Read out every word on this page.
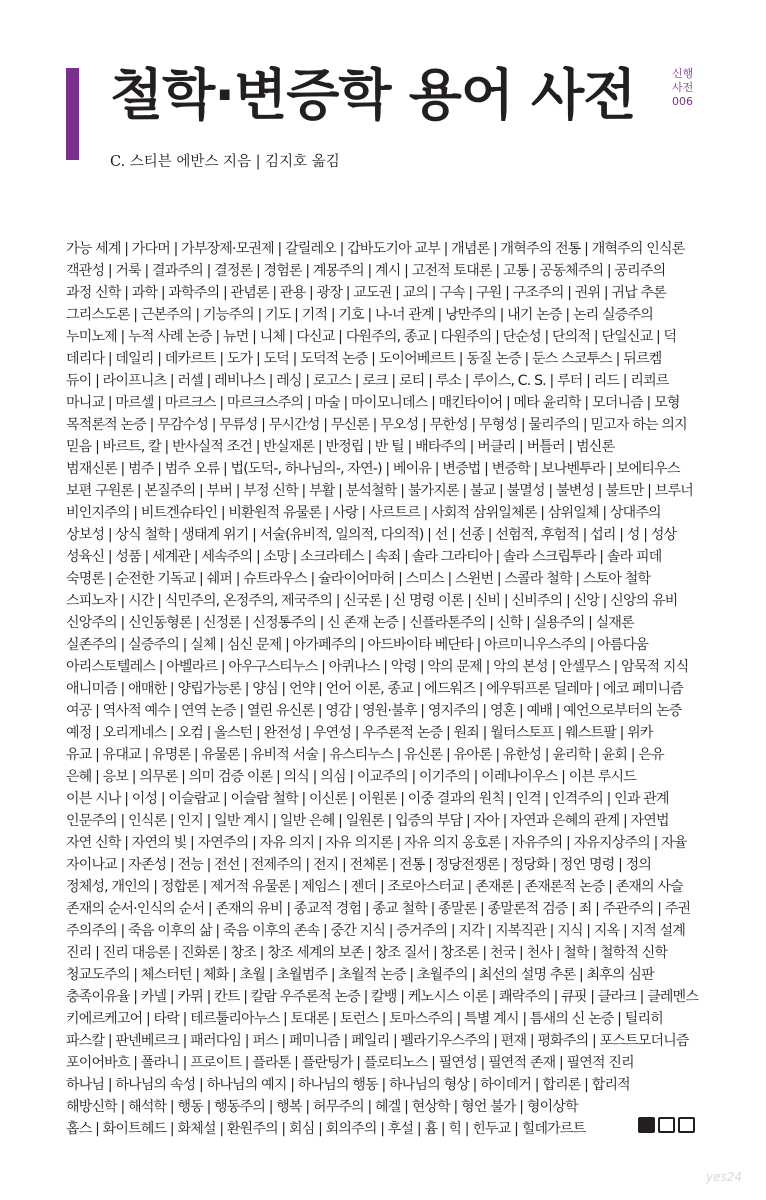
철학·변증학 용어 사전	신행
사전
006
C. 스티븐 에반스 지음 | 김지호 옮김
가능 세계 | 가다머 | 가부장제·모권제 | 갈릴레오 | 갑바도기아 교부 | 개념론 | 개혁주의 전통 | 개혁주의 인식론
객관성 | 거룩 | 결과주의 | 결정론 | 경험론 | 계몽주의 | 계시 | 고전적 토대론 | 고통 | 공동체주의 | 공리주의
과정 신학 | 과학 | 과학주의 | 관념론 | 관용 | 광장 | 교도권 | 교의 | 구속 | 구원 | 구조주의 | 권위 | 귀납 추론
그리스도론 | 근본주의 | 기능주의 | 기도 | 기적 | 기호 | 나-너 관계 | 낭만주의 | 내기 논증 | 논리 실증주의
누미노제 | 누적 사례 논증 | 뉴먼 | 니체 | 다신교 | 다원주의, 종교 | 다원주의 | 단순성 | 단의적 | 단일신교 | 덕
데리다 | 데일리 | 데카르트 | 도가 | 도덕 | 도덕적 논증 | 도이어베르트 | 동질 논증 | 둔스 스코투스 | 뒤르켐
듀이 | 라이프니츠 | 러셀 | 레비나스 | 레싱 | 로고스 | 로크 | 로티 | 루소 | 루이스, C. S. | 루터 | 리드 | 리쾨르
마니교 | 마르셀 | 마르크스 | 마르크스주의 | 마술 | 마이모니데스 | 매킨타이어 | 메타 윤리학 | 모더니즘 | 모형
목적론적 논증 | 무감수성 | 무류성 | 무시간성 | 무신론 | 무오성 | 무한성 | 무형성 | 물리주의 | 믿고자 하는 의지
믿음 | 바르트, 칼 | 반사실적 조건 | 반실재론 | 반정립 | 반 틸 | 배타주의 | 버클리 | 버틀러 | 범신론
범재신론 | 범주 | 범주 오류 | 법(도덕-, 하나님의-, 자연-) | 베이유 | 변증법 | 변증학 | 보나벤투라 | 보에티우스
보편 구원론 | 본질주의 | 부버 | 부정 신학 | 부활 | 분석철학 | 불가지론 | 불교 | 불멸성 | 불변성 | 불트만 | 브루너
비인지주의 | 비트겐슈타인 | 비환원적 유물론 | 사랑 | 사르트르 | 사회적 삼위일체론 | 삼위일체 | 상대주의
상보성 | 상식 철학 | 생태계 위기 | 서술(유비적, 일의적, 다의적) | 선 | 선종 | 선험적, 후험적 | 섭리 | 성 | 성상
성육신 | 성품 | 세계관 | 세속주의 | 소망 | 소크라테스 | 속죄 | 솔라 그라티아 | 솔라 스크립투라 | 솔라 피데
숙명론 | 순전한 기독교 | 쉐퍼 | 슈트라우스 | 슐라이어마허 | 스미스 | 스윈번 | 스콜라 철학 | 스토아 철학
스피노자 | 시간 | 식민주의, 온정주의, 제국주의 | 신국론 | 신 명령 이론 | 신비 | 신비주의 | 신앙 | 신앙의 유비
신앙주의 | 신인동형론 | 신정론 | 신정통주의 | 신 존재 논증 | 신플라톤주의 | 신학 | 실용주의 | 실재론
실존주의 | 실증주의 | 실체 | 심신 문제 | 아가페주의 | 아드바이타 베단타 | 아르미니우스주의 | 아름다움
아리스토텔레스 | 아벨라르 | 아우구스티누스 | 아퀴나스 | 악령 | 악의 문제 | 악의 본성 | 안셀무스 | 암묵적 지식
애니미즘 | 애매한 | 양립가능론 | 양심 | 언약 | 언어 이론, 종교 | 에드워즈 | 에우튀프론 딜레마 | 에코 페미니즘
여공 | 역사적 예수 | 연역 논증 | 열린 유신론 | 영감 | 영원·불후 | 영지주의 | 영혼 | 예배 | 예언으로부터의 논증
예정 | 오리게네스 | 오컴 | 올스턴 | 완전성 | 우연성 | 우주론적 논증 | 원죄 | 월터스토프 | 웨스트팔 | 위카
유교 | 유대교 | 유명론 | 유물론 | 유비적 서술 | 유스티누스 | 유신론 | 유아론 | 유한성 | 윤리학 | 윤회 | 은유
은혜 | 응보 | 의무론 | 의미 검증 이론 | 의식 | 의심 | 이교주의 | 이기주의 | 이레나이우스 | 이븐 루시드
이븐 시나 | 이성 | 이슬람교 | 이슬람 철학 | 이신론 | 이원론 | 이중 결과의 원칙 | 인격 | 인격주의 | 인과 관계
인문주의 | 인식론 | 인지 | 일반 계시 | 일반 은혜 | 일원론 | 입증의 부담 | 자아 | 자연과 은혜의 관계 | 자연법
자연 신학 | 자연의 빛 | 자연주의 | 자유 의지 | 자유 의지론 | 자유 의지 옹호론 | 자유주의 | 자유지상주의 | 자율
자이나교 | 자존성 | 전능 | 전선 | 전제주의 | 전지 | 전체론 | 전통 | 정당전쟁론 | 정당화 | 정언 명령 | 정의
정체성, 개인의 | 정합론 | 제거적 유물론 | 제임스 | 젠더 | 조로아스터교 | 존재론 | 존재론적 논증 | 존재의 사슬
존재의 순서·인식의 순서 | 존재의 유비 | 종교적 경험 | 종교 철학 | 종말론 | 종말론적 검증 | 죄 | 주관주의 | 주권
주의주의 | 죽음 이후의 삶 | 죽음 이후의 존속 | 중간 지식 | 증거주의 | 지각 | 지복직관 | 지식 | 지옥 | 지적 설계
진리 | 진리 대응론 | 진화론 | 창조 | 창조 세계의 보존 | 창조 질서 | 창조론 | 천국 | 천사 | 철학 | 철학적 신학
청교도주의 | 체스터턴 | 체화 | 초월 | 초월범주 | 초월적 논증 | 초월주의 | 최선의 설명 추론 | 최후의 심판
충족이유율 | 카넬 | 카뮈 | 칸트 | 칼람 우주론적 논증 | 칼뱅 | 케노시스 이론 | 쾌락주의 | 큐핏 | 클라크 | 클레멘스
키에르케고어 | 타락 | 테르툴리아누스 | 토대론 | 토런스 | 토마스주의 | 특별 계시 | 틈새의 신 논증 | 틸리히
파스칼 | 판넨베르크 | 패러다임 | 퍼스 | 페미니즘 | 페일리 | 펠라기우스주의 | 편재 | 평화주의 | 포스트모더니즘
포이어바흐 | 폴라니 | 프로이트 | 플라톤 | 플란팅가 | 플로티노스 | 필연성 | 필연적 존재 | 필연적 진리
하나님 | 하나님의 속성 | 하나님의 예지 | 하나님의 행동 | 하나님의 형상 | 하이데거 | 합리론 | 합리적
해방신학 | 해석학 | 행동 | 행동주의 | 행복 | 허무주의 | 헤겔 | 현상학 | 형언 불가 | 형이상학
홉스 | 화이트헤드 | 화체설 | 환원주의 | 회심 | 회의주의 | 후설 | 흄 | 힉 | 힌두교 | 힐데가르트
yes24
